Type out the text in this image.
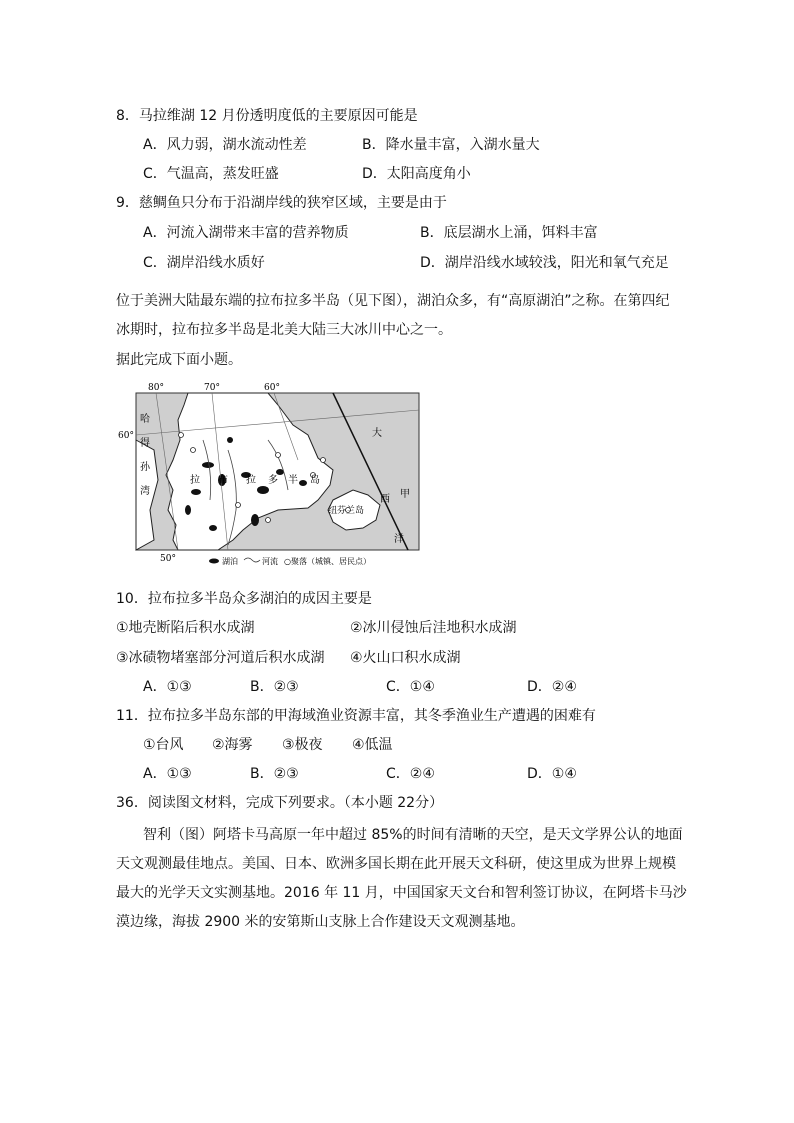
8．马拉维湖 12 月份透明度低的主要原因可能是
A．风力弱，湖水流动性差	B．降水量丰富，入湖水量大
C．气温高，蒸发旺盛	D．太阳高度角小
9．慈鲷鱼只分布于沿湖岸线的狭窄区域，主要是由于
A．河流入湖带来丰富的营养物质	B．底层湖水上涌，饵料丰富
C．湖岸沿线水质好	D．湖岸沿线水域较浅，阳光和氧气充足
位于美洲大陆最东端的拉布拉多半岛（见下图），湖泊众多，有“高原湖泊”之称。在第四纪
冰期时，拉布拉多半岛是北美大陆三大冰川中心之一。
据此完成下面小题。
80°	70°	60°
60°
50°
哈
得
孙
湾
拉 布 拉 多 半 岛
大
西
洋
甲
纽芬兰岛
湖泊	河流 ○聚落（城镇、居民点）
10．拉布拉多半岛众多湖泊的成因主要是
①地壳断陷后积水成湖	②冰川侵蚀后洼地积水成湖
③冰碛物堵塞部分河道后积水成湖 ④火山口积水成湖
A．①③	B．②③	C．①④	D．②④
11．拉布拉多半岛东部的甲海域渔业资源丰富，其冬季渔业生产遭遇的困难有
①台风 ②海雾 ③极夜 ④低温
A．①③	B．②③	C．②④	D．①④
36．阅读图文材料，完成下列要求。（本小题 22分）
智利（图）阿塔卡马高原一年中超过 85%的时间有清晰的天空，是天文学界公认的地面
天文观测最佳地点。美国、日本、欧洲多国长期在此开展天文科研，使这里成为世界上规模
最大的光学天文实测基地。2016 年 11 月，中国国家天文台和智利签订协议，在阿塔卡马沙
漠边缘，海拔 2900 米的安第斯山支脉上合作建设天文观测基地。
